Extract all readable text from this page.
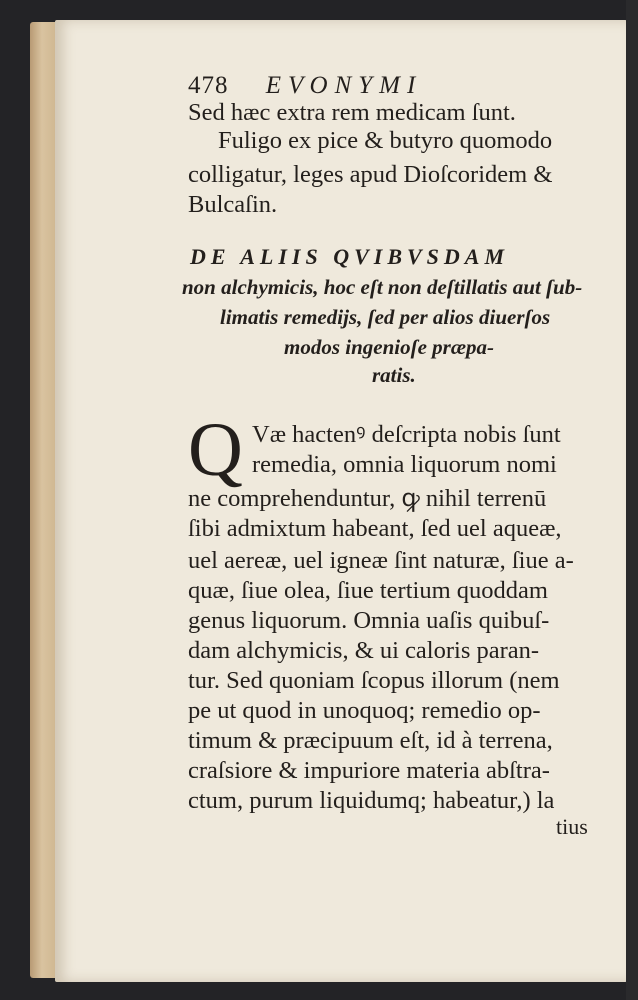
478 EVONYMI
Sed hæc extra rem medicam ſunt.
Fuligo ex pice & butyro quomodo
colligatur, leges apud Dioſcoridem &
Bulcaſin.
DE ALIIS QVIBVSDAM
non alchymicis, hoc eſt non deſtillatis aut ſub-
limatis remedijs, ſed per alios diuerſos
modos ingenioſe præpa-
ratis.
Q Væ hactenꝰ deſcripta nobis ſunt
remedia, omnia liquorum nomi
ne comprehenduntur, ꝙ nihil terrenū
ſibi admixtum habeant, ſed uel aqueæ,
uel aereæ, uel igneæ ſint naturæ, ſiue a-
quæ, ſiue olea, ſiue tertium quoddam
genus liquorum. Omnia uaſis quibuſ-
dam alchymicis, & ui caloris paran-
tur. Sed quoniam ſcopus illorum (nem
pe ut quod in unoquoq; remedio op-
timum & præcipuum eſt, id à terrena,
craſsiore & impuriore materia abſtra-
ctum, purum liquidumq; habeatur,) la
tius
